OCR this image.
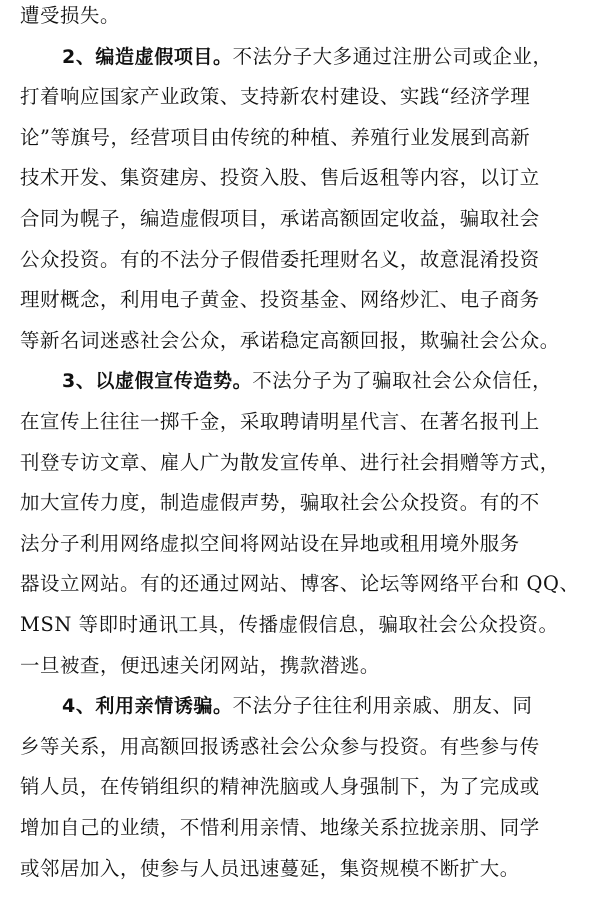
遭受损失。
2、编造虚假项目。不法分子大多通过注册公司或企业，
打着响应国家产业政策、支持新农村建设、实践“经济学理
论”等旗号，经营项目由传统的种植、养殖行业发展到高新
技术开发、集资建房、投资入股、售后返租等内容，以订立
合同为幌子，编造虚假项目，承诺高额固定收益，骗取社会
公众投资。有的不法分子假借委托理财名义，故意混淆投资
理财概念，利用电子黄金、投资基金、网络炒汇、电子商务
等新名词迷惑社会公众，承诺稳定高额回报，欺骗社会公众。
3、以虚假宣传造势。不法分子为了骗取社会公众信任，
在宣传上往往一掷千金，采取聘请明星代言、在著名报刊上
刊登专访文章、雇人广为散发宣传单、进行社会捐赠等方式，
加大宣传力度，制造虚假声势，骗取社会公众投资。有的不
法分子利用网络虚拟空间将网站设在异地或租用境外服务
器设立网站。有的还通过网站、博客、论坛等网络平台和 QQ、
MSN 等即时通讯工具，传播虚假信息，骗取社会公众投资。
一旦被查，便迅速关闭网站，携款潜逃。
4、利用亲情诱骗。不法分子往往利用亲戚、朋友、同
乡等关系，用高额回报诱惑社会公众参与投资。有些参与传
销人员，在传销组织的精神洗脑或人身强制下，为了完成或
增加自己的业绩，不惜利用亲情、地缘关系拉拢亲朋、同学
或邻居加入，使参与人员迅速蔓延，集资规模不断扩大。
